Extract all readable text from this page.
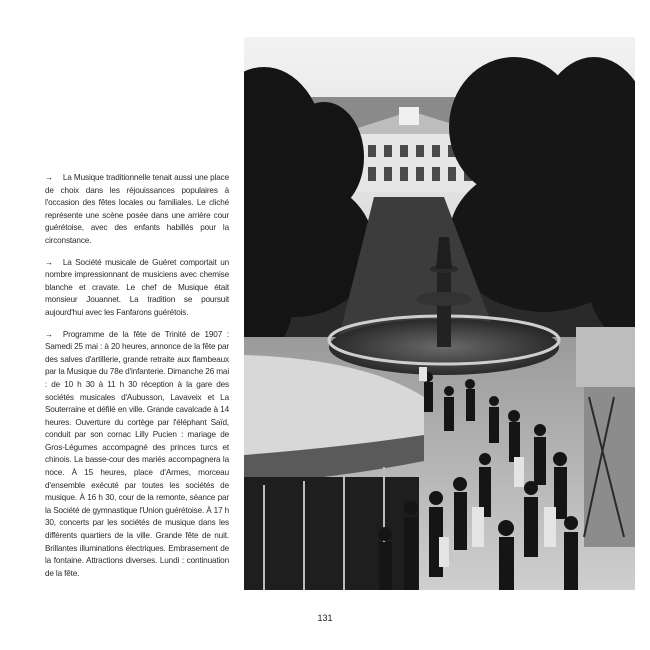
→ La Musique traditionnelle tenait aussi une place de choix dans les réjouissances populaires à l'occasion des fêtes locales ou familiales. Le cliché représente une scène posée dans une arrière cour guérétoise, avec des enfants habillés pour la circonstance.

→ La Société musicale de Guéret comportait un nombre impressionnant de musiciens avec chemise blanche et cravate. Le chef de Musique était monsieur Jouannet. La tradition se poursuit aujourd'hui avec les Fanfarons guérétois.

→ Programme de la fête de Trinité de 1907 : Samedi 25 mai : à 20 heures, annonce de la fête par des salves d'artillerie, grande retraite aux flambeaux par la Musique du 78e d'infanterie. Dimanche 26 mai : de 10 h 30 à 11 h 30 réception à la gare des sociétés musicales d'Aubusson, Lavaveix et La Souterraine et défilé en ville. Grande cavalcade à 14 heures. Ouverture du cortège par l'éléphant Saïd, conduit par son cornac Lilly Pucien : mariage de Gros-Légumes accompagné des princes turcs et chinois. La basse-cour des mariés accompagnera la noce. À 15 heures, place d'Armes, morceau d'ensemble exécuté par toutes les sociétés de musique. À 16 h 30, cour de la remonte, séance par la Société de gymnastique l'Union guérétoise. À 17 h 30, concerts par les sociétés de musique dans les différents quartiers de la ville. Grande fête de nuit. Brillantes illuminations électriques. Embrasement de la fontaine. Attractions diverses. Lundi : continuation de la fête.

131
